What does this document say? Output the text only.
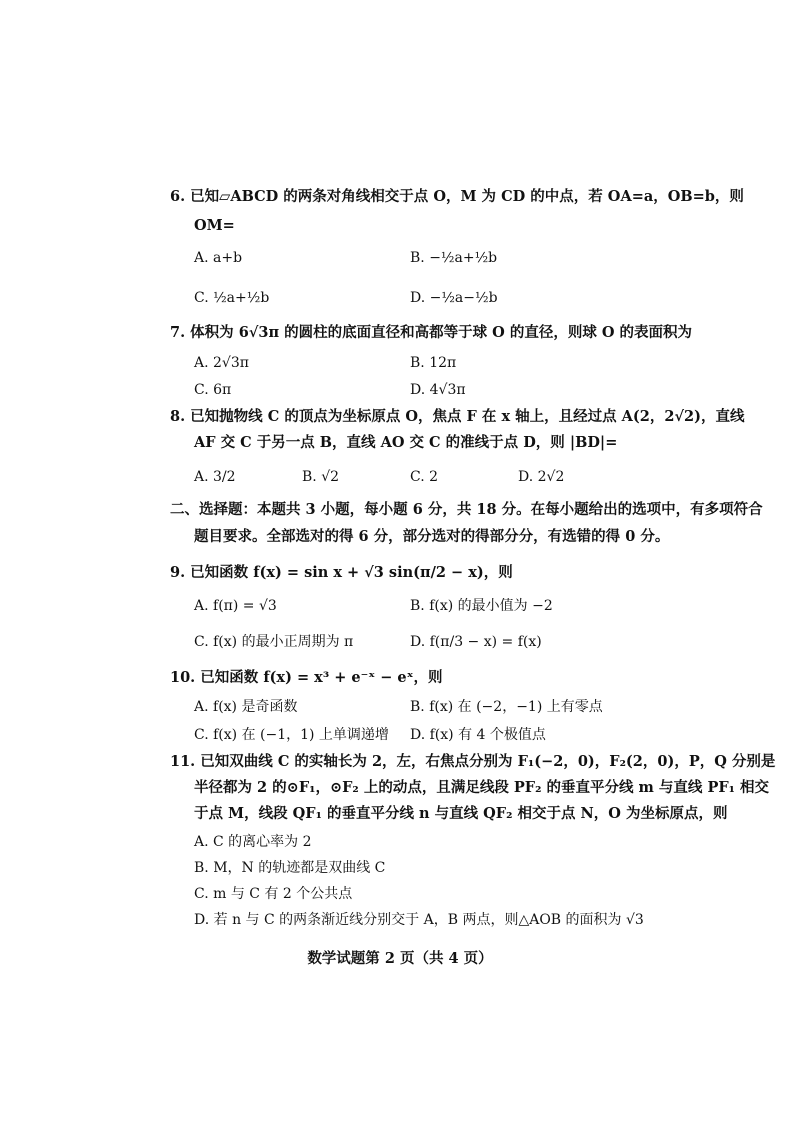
6. 已知▱ABCD 的两条对角线相交于点 O，M 为 CD 的中点，若 OA=a，OB=b，则
OM=
A. a+b	B. −½a+½b
C. ½a+½b	D. −½a−½b
7. 体积为 6√3π 的圆柱的底面直径和高都等于球 O 的直径，则球 O 的表面积为
A. 2√3π	B. 12π
C. 6π	D. 4√3π
8. 已知抛物线 C 的顶点为坐标原点 O，焦点 F 在 x 轴上，且经过点 A(2，2√2)，直线
AF 交 C 于另一点 B，直线 AO 交 C 的准线于点 D，则 |BD|=
A. 3/2	B. √2	C. 2	D. 2√2
二、选择题：本题共 3 小题，每小题 6 分，共 18 分。在每小题给出的选项中，有多项符合
题目要求。全部选对的得 6 分，部分选对的得部分分，有选错的得 0 分。
9. 已知函数 f(x) = sin x + √3 sin(π/2 − x)，则
A. f(π) = √3	B. f(x) 的最小值为 −2
C. f(x) 的最小正周期为 π	D. f(π/3 − x) = f(x)
10. 已知函数 f(x) = x³ + e⁻ˣ − eˣ，则
A. f(x) 是奇函数	B. f(x) 在 (−2，−1) 上有零点
C. f(x) 在 (−1，1) 上单调递增 D. f(x) 有 4 个极值点
11. 已知双曲线 C 的实轴长为 2，左，右焦点分别为 F₁(−2，0)，F₂(2，0)，P，Q 分别是
半径都为 2 的⊙F₁，⊙F₂ 上的动点，且满足线段 PF₂ 的垂直平分线 m 与直线 PF₁ 相交
于点 M，线段 QF₁ 的垂直平分线 n 与直线 QF₂ 相交于点 N，O 为坐标原点，则
A. C 的离心率为 2
B. M，N 的轨迹都是双曲线 C
C. m 与 C 有 2 个公共点
D. 若 n 与 C 的两条渐近线分别交于 A，B 两点，则△AOB 的面积为 √3
数学试题第 2 页（共 4 页）
